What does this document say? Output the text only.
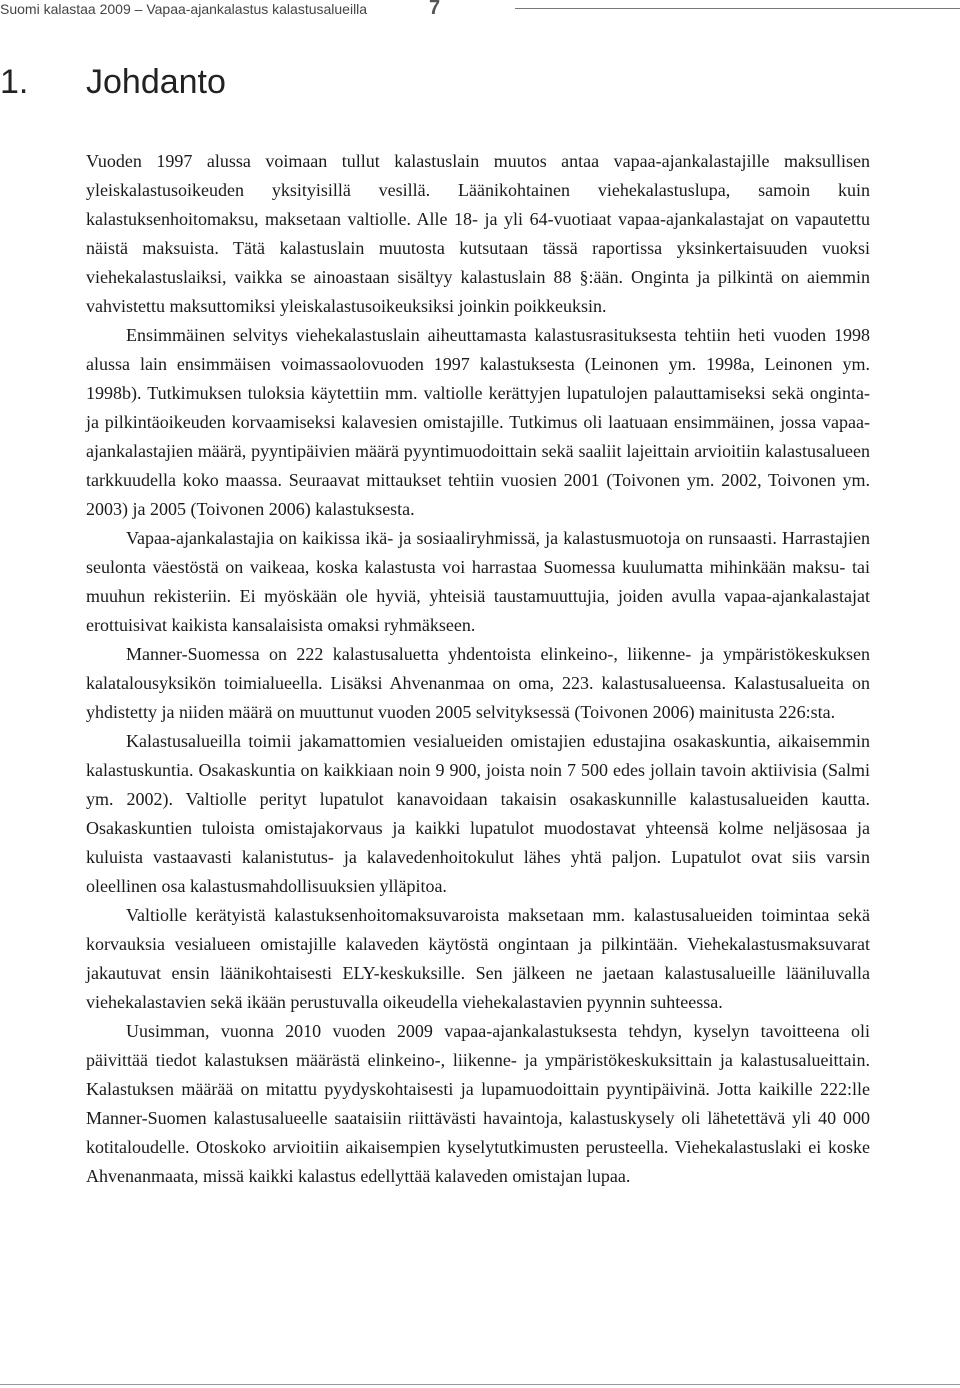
Suomi kalastaa 2009 – Vapaa-ajankalastus kalastusalueilla	7
1. Johdanto

Vuoden 1997 alussa voimaan tullut kalastuslain muutos antaa vapaa-ajankalastajille maksullisen yleiskalastusoikeuden yksityisillä vesillä. Läänikohtainen viehekalastuslupa, samoin kuin kalastuksenhoitomaksu, maksetaan valtiolle. Alle 18- ja yli 64-vuotiaat vapaa-ajankalastajat on vapautettu näistä maksuista. Tätä kalastuslain muutosta kutsutaan tässä raportissa yksinkertaisuuden vuoksi viehekalastuslaiksi, vaikka se ainoastaan sisältyy kalastuslain 88 §:ään. Onginta ja pilkintä on aiemmin vahvistettu maksuttomiksi yleiskalastusoikeuksiksi joinkin poikkeuksin.

Ensimmäinen selvitys viehekalastuslain aiheuttamasta kalastusrasituksesta tehtiin heti vuoden 1998 alussa lain ensimmäisen voimassaolovuoden 1997 kalastuksesta (Leinonen ym. 1998a, Leinonen ym. 1998b). Tutkimuksen tuloksia käytettiin mm. valtiolle kerättyjen lupatulojen palauttamiseksi sekä onginta- ja pilkintäoikeuden korvaamiseksi kalavesien omistajille. Tutkimus oli laatuaan ensimmäinen, jossa vapaa-ajankalastajien määrä, pyyntipäivien määrä pyyntimuodoittain sekä saaliit lajeittain arvioitiin kalastusalueen tarkkuudella koko maassa. Seuraavat mittaukset tehtiin vuosien 2001 (Toivonen ym. 2002, Toivonen ym. 2003) ja 2005 (Toivonen 2006) kalastuksesta.

Vapaa-ajankalastajia on kaikissa ikä- ja sosiaaliryhmissä, ja kalastusmuotoja on runsaasti. Harrastajien seulonta väestöstä on vaikeaa, koska kalastusta voi harrastaa Suomessa kuulumatta mihinkään maksu- tai muuhun rekisteriin. Ei myöskään ole hyviä, yhteisiä taustamuuttujia, joiden avulla vapaa-ajankalastajat erottuisivat kaikista kansalaisista omaksi ryhmäkseen.

Manner-Suomessa on 222 kalastusaluetta yhdentoista elinkeino-, liikenne- ja ympäristökeskuksen kalatalousyksikön toimialueella. Lisäksi Ahvenanmaa on oma, 223. kalastusalueensa. Kalastusalueita on yhdistetty ja niiden määrä on muuttunut vuoden 2005 selvityksessä (Toivonen 2006) mainitusta 226:sta.

Kalastusalueilla toimii jakamattomien vesialueiden omistajien edustajina osakaskuntia, aikaisemmin kalastuskuntia. Osakaskuntia on kaikkiaan noin 9 900, joista noin 7 500 edes jollain tavoin aktiivisia (Salmi ym. 2002). Valtiolle perityt lupatulot kanavoidaan takaisin osakaskunnille kalastusalueiden kautta. Osakaskuntien tuloista omistajakorvaus ja kaikki lupatulot muodostavat yhteensä kolme neljäsosaa ja kuluista vastaavasti kalanistutus- ja kalavedenhoitokulut lähes yhtä paljon. Lupatulot ovat siis varsin oleellinen osa kalastusmahdollisuuksien ylläpitoa.

Valtiolle kerätyistä kalastuksenhoitomaksuvaroista maksetaan mm. kalastusalueiden toimintaa sekä korvauksia vesialueen omistajille kalaveden käytöstä ongintaan ja pilkintään. Viehekalastusmaksuvarat jakautuvat ensin läänikohtaisesti ELY-keskuksille. Sen jälkeen ne jaetaan kalastusalueille lääniluvalla viehekalastavien sekä ikään perustuvalla oikeudella viehekalastavien pyynnin suhteessa.

Uusimman, vuonna 2010 vuoden 2009 vapaa-ajankalastuksesta tehdyn, kyselyn tavoitteena oli päivittää tiedot kalastuksen määrästä elinkeino-, liikenne- ja ympäristökeskuksittain ja kalastusalueittain. Kalastuksen määrää on mitattu pyydyskohtaisesti ja lupamuodoittain pyyntipäivinä. Jotta kaikille 222:lle Manner-Suomen kalastusalueelle saataisiin riittävästi havaintoja, kalastuskysely oli lähetettävä yli 40 000 kotitaloudelle. Otoskoko arvioitiin aikaisempien kyselytutkimusten perusteella. Viehekalastuslaki ei koske Ahvenanmaata, missä kaikki kalastus edellyttää kalaveden omistajan lupaa.
